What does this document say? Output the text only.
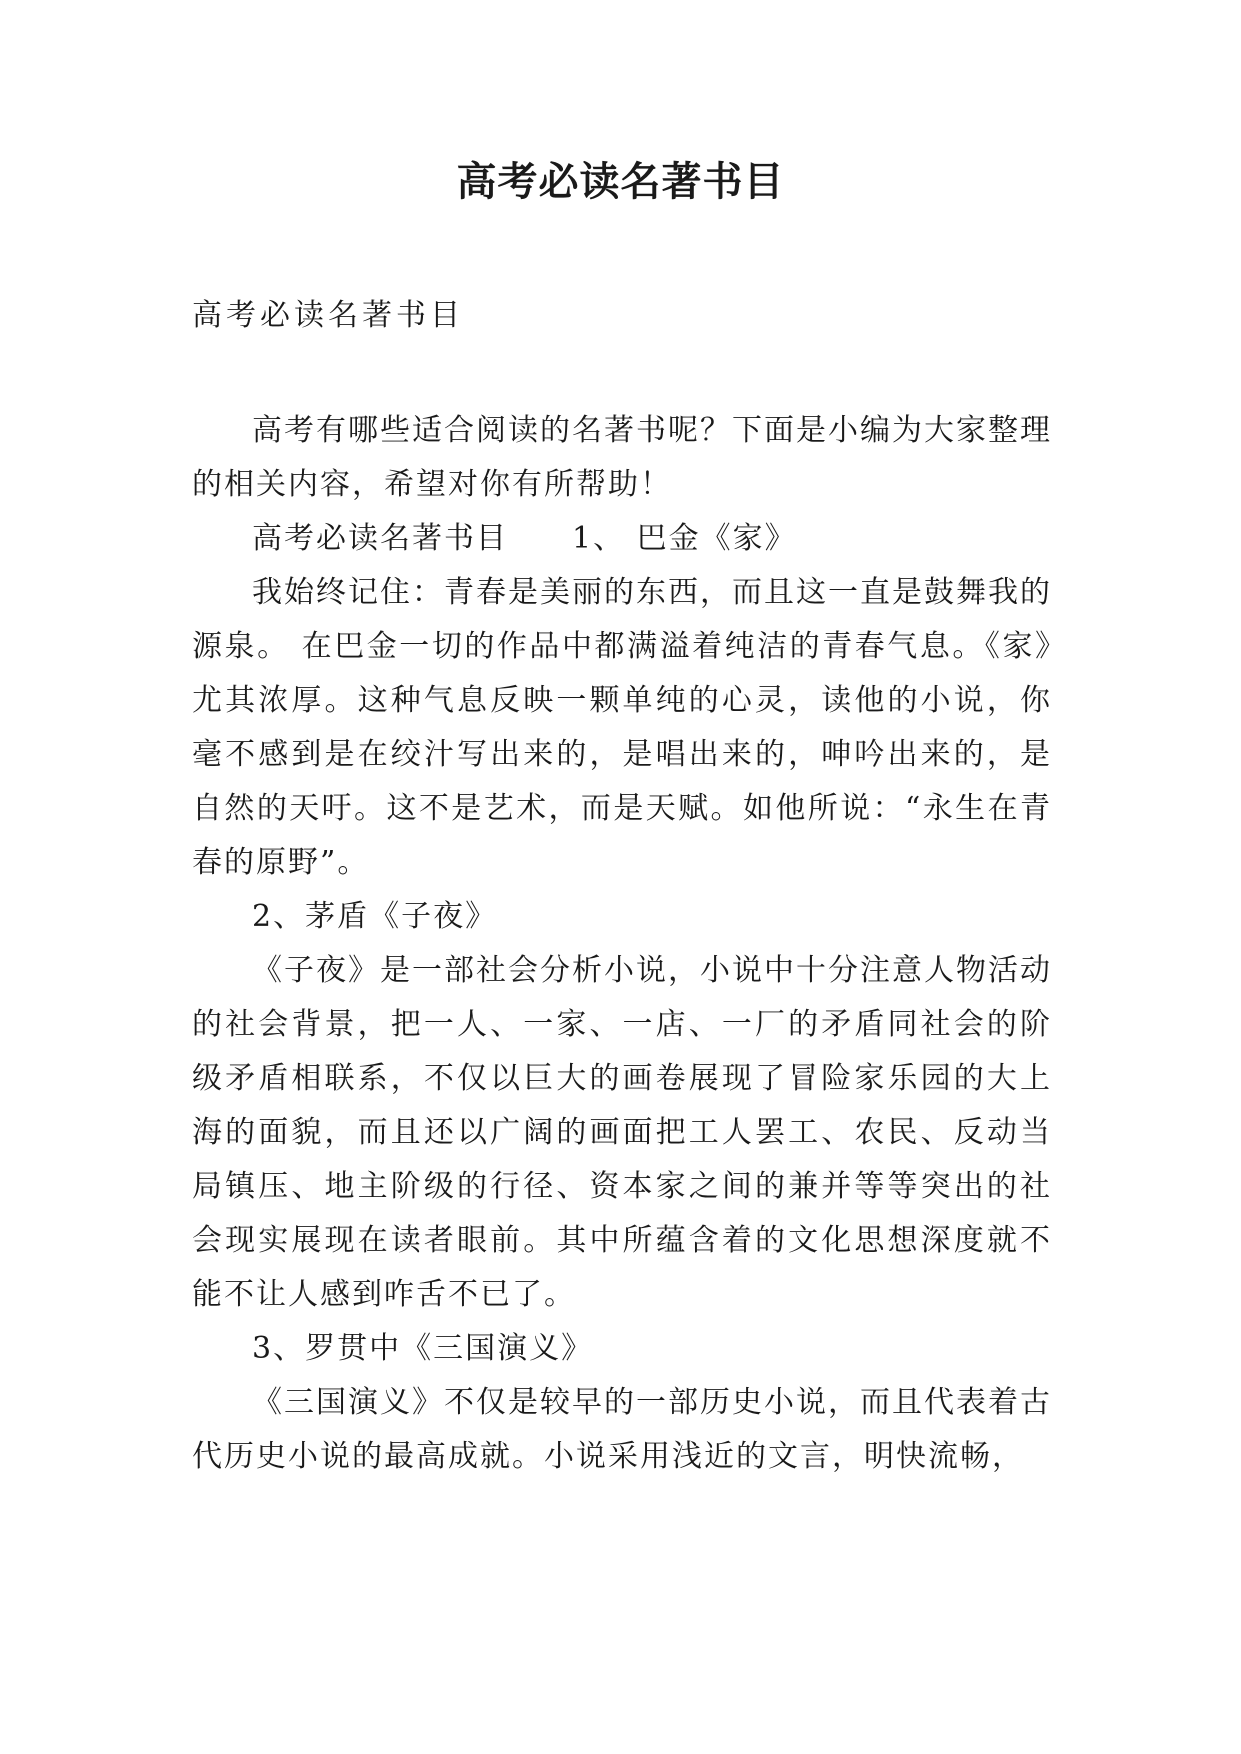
高考必读名著书目
高考必读名著书目

高考有哪些适合阅读的名著书呢？下面是小编为大家整理的相关内容，希望对你有所帮助！

高考必读名著书目　　1、 巴金《家》

我始终记住：青春是美丽的东西，而且这一直是鼓舞我的源泉。 在巴金一切的作品中都满溢着纯洁的青春气息。《家》尤其浓厚。这种气息反映一颗单纯的心灵，读他的小说，你毫不感到是在绞汁写出来的，是唱出来的，呻吟出来的，是自然的天吁。这不是艺术，而是天赋。如他所说：“永生在青春的原野”。

2、茅盾《子夜》

《子夜》是一部社会分析小说，小说中十分注意人物活动的社会背景，把一人、一家、一店、一厂的矛盾同社会的阶级矛盾相联系，不仅以巨大的画卷展现了冒险家乐园的大上海的面貌，而且还以广阔的画面把工人罢工、农民、反动当局镇压、地主阶级的行径、资本家之间的兼并等等突出的社会现实展现在读者眼前。其中所蕴含着的文化思想深度就不能不让人感到咋舌不已了。

3、罗贯中《三国演义》

《三国演义》不仅是较早的一部历史小说，而且代表着古代历史小说的最高成就。小说采用浅近的文言，明快流畅，
